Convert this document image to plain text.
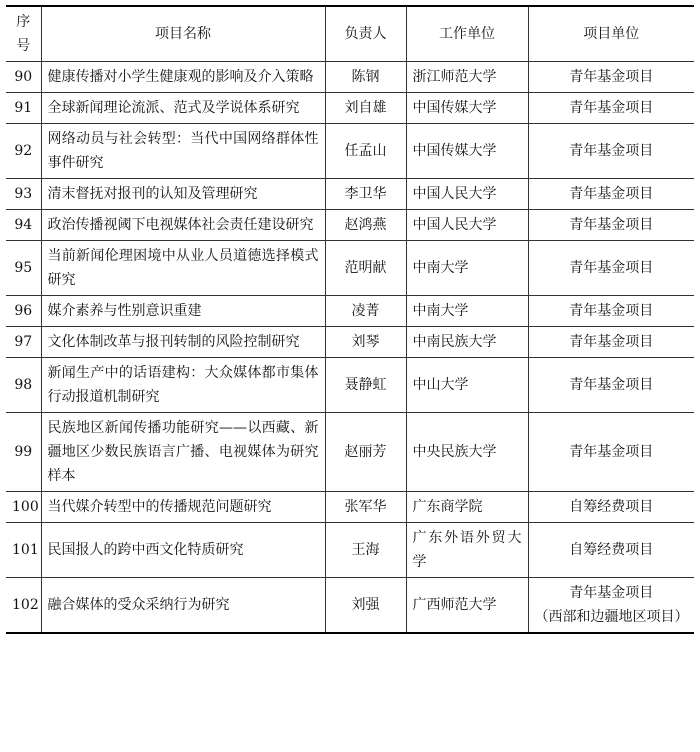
序号	项目名称	负责人	工作单位	项目单位
90	健康传播对小学生健康观的影响及介入策略	陈钢	浙江师范大学	青年基金项目
91	全球新闻理论流派、范式及学说体系研究	刘自雄	中国传媒大学	青年基金项目
92	网络动员与社会转型：当代中国网络群体性事件研究	任孟山	中国传媒大学	青年基金项目
93	清末督抚对报刊的认知及管理研究	李卫华	中国人民大学	青年基金项目
94	政治传播视阈下电视媒体社会责任建设研究	赵鸿燕	中国人民大学	青年基金项目
95	当前新闻伦理困境中从业人员道德选择模式研究	范明献	中南大学	青年基金项目
96	媒介素养与性别意识重建	凌菁	中南大学	青年基金项目
97	文化体制改革与报刊转制的风险控制研究	刘琴	中南民族大学	青年基金项目
98	新闻生产中的话语建构：大众媒体都市集体行动报道机制研究	聂静虹	中山大学	青年基金项目
99	民族地区新闻传播功能研究——以西藏、新疆地区少数民族语言广播、电视媒体为研究样本	赵丽芳	中央民族大学	青年基金项目
100	当代媒介转型中的传播规范问题研究	张军华	广东商学院	自筹经费项目
101	民国报人的跨中西文化特质研究	王海	广东外语外贸大学	自筹经费项目
102	融合媒体的受众采纳行为研究	刘强	广西师范大学	青年基金项目
（西部和边疆地区项目）
